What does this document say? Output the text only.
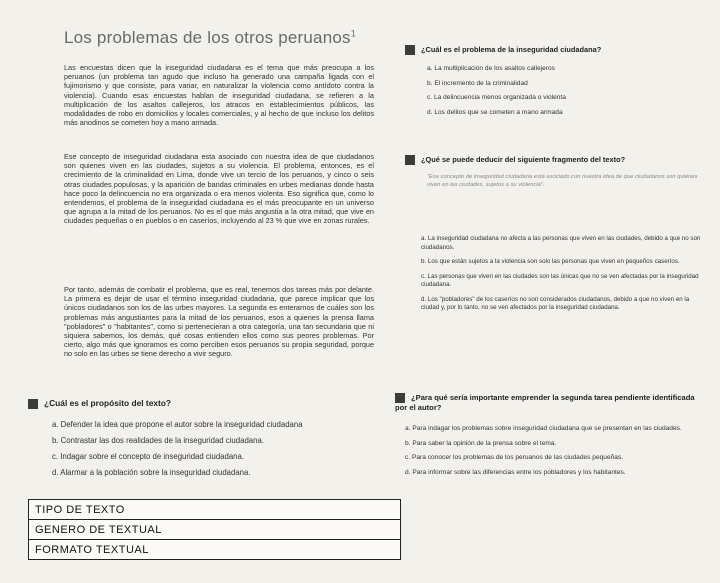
Los problemas de los otros peruanos$^1$

Las encuestas dicen que la inseguridad ciudadana es el tema que más preocupa a los peruanos (un problema tan agudo que incluso ha generado una campaña ligada con el fujimorismo y que consiste, para variar, en naturalizar la violencia como antídoto contra la violencia). Cuando esas encuestas hablan de inseguridad ciudadana, se refieren a la multiplicación de los asaltos callejeros, los atracos en establecimientos públicos, las modalidades de robo en domicilios y locales comerciales, y al hecho de que incluso los delitos más anodinos se cometen hoy a mano armada.

Ese concepto de inseguridad ciudadana esta asociado con nuestra idea de que ciudadanos son quienes viven en las ciudades, sujetos a su violencia. El problema, entonces, es el crecimiento de la criminalidad en Lima, donde vive un tercio de los peruanos, y cinco o seis otras ciudades populosas, y la aparición de bandas criminales en urbes medianas donde hasta hace poco la delincuencia no era organizada o era menos violenta. Eso significa que, como lo entendemos, el problema de la inseguridad ciudadana es el más preocupante en un universo que agrupa a la mitad de los peruanos. No es el que más angustia a la otra mitad, que vive en ciudades pequeñas o en pueblos o en caseríos, incluyendo al 23 % que vive en zonas rurales.

Por tanto, además de combatir el problema, que es real, tenemos dos tareas más por delante. La primera es dejar de usar el término inseguridad ciudadana, que parece implicar que los únicos ciudadanos son los de las urbes mayores. La segunda es enterarnos de cuáles son los problemas más angustiantes para la mitad de los peruanos, esos a quienes la prensa llama "pobladores" o "habitantes", como si pertenecieran a otra categoría, una tan secundaria que ni siquiera sabemos, los demás, qué cosas entienden ellos como sus peores problemas. Por cierto, algo más que ignoramos es como perciben esos peruanos su propia seguridad, porque no solo en las urbes se tiene derecho a vivir seguro.

¿Cuál es el problema de la inseguridad ciudadana?
a. La multiplicación de los asaltos callejeros
b. El incremento de la criminalidad
c. La delincuencia menos organizada o violenta
d. Los delitos que se cometen a mano armada
¿Qué se puede deducir del siguiente fragmento del texto?
"Ese concepto de inseguridad ciudadana está asociado con nuestra idea de que ciudadanos son quienes viven en las ciudades, sujetos a su violencia".
a. La inseguridad ciudadana no afecta a las personas que viven en las ciudades, debido a que no son ciudadanos.
b. Los que están sujetos a la violencia son solo las personas que viven en pequeños caseríos.
c. Las personas que viven en las ciudades son las únicas que no se ven afectadas por la inseguridad ciudadana.
d. Los "pobladores" de los caseríos no son considerados ciudadanos, debido a que no viven en la ciudad y, por lo tanto, no se ven afectados por la inseguridad ciudadana.
¿Cuál es el propósito del texto?
a. Defender la idea que propone el autor sobre la inseguridad ciudadana
b. Contrastar las dos realidades de la inseguridad ciudadana.
c. Indagar sobre el concepto de inseguridad ciudadana.
d. Alarmar a la población sobre la inseguridad ciudadana.
¿Para qué sería importante emprender la segunda tarea pendiente identificada por el autor?
a. Para indagar los problemas sobre inseguridad ciudadana que se presentan en las ciudades.
b. Para saber la opinión de la prensa sobre el tema.
c. Para conocer los problemas de los peruanos de las ciudades pequeñas.
d. Para informar sobre las diferencias entre los pobladores y los habitantes.
TIPO DE TEXTO
GENERO DE TEXTUAL
FORMATO TEXTUAL
